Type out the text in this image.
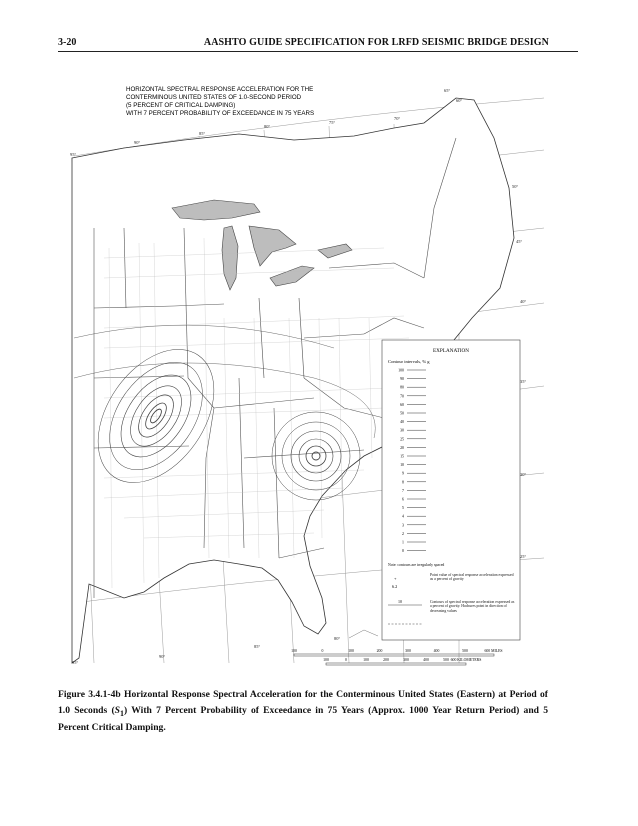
3-20	AASHTO GUIDE SPECIFICATION FOR LRFD SEISMIC BRIDGE DESIGN
HORIZONTAL SPECTRAL RESPONSE ACCELERATION FOR THE
CONTERMINOUS UNITED STATES OF 1.0-SECOND PERIOD
(5 PERCENT OF CRITICAL DAMPING)
WITH 7 PERCENT PROBABILITY OF EXCEEDANCE IN 75 YEARS
EXPLANATION
Contour intervals, % g
100
90
80
70
60
50
40
30
25
20
15
10
9
8
7
6
5
4
3
2
1
0
Note: contours are irregularly spaced
+
6.2
Point value of spectral response acceleration expressed as a percent of gravity
10	Contours of spectral response acceleration expressed as a percent of gravity. Hachures point in direction of decreasing values
100	0	100	200	300	400	500	600 MILES
100	0	100	200	300	400	500 600 KILOMETERS
95°
90°
85°
80°
75°
70°
65°
60°
50°
45°
40°
35°
30°
25°
80°
85°
90°
95°
Figure 3.4.1-4b Horizontal Response Spectral Acceleration for the Conterminous United States (Eastern) at Period of 1.0 Seconds $(S_1)$ With 7 Percent Probability of Exceedance in 75 Years (Approx. 1000 Year Return Period) and 5 Percent Critical Damping.
